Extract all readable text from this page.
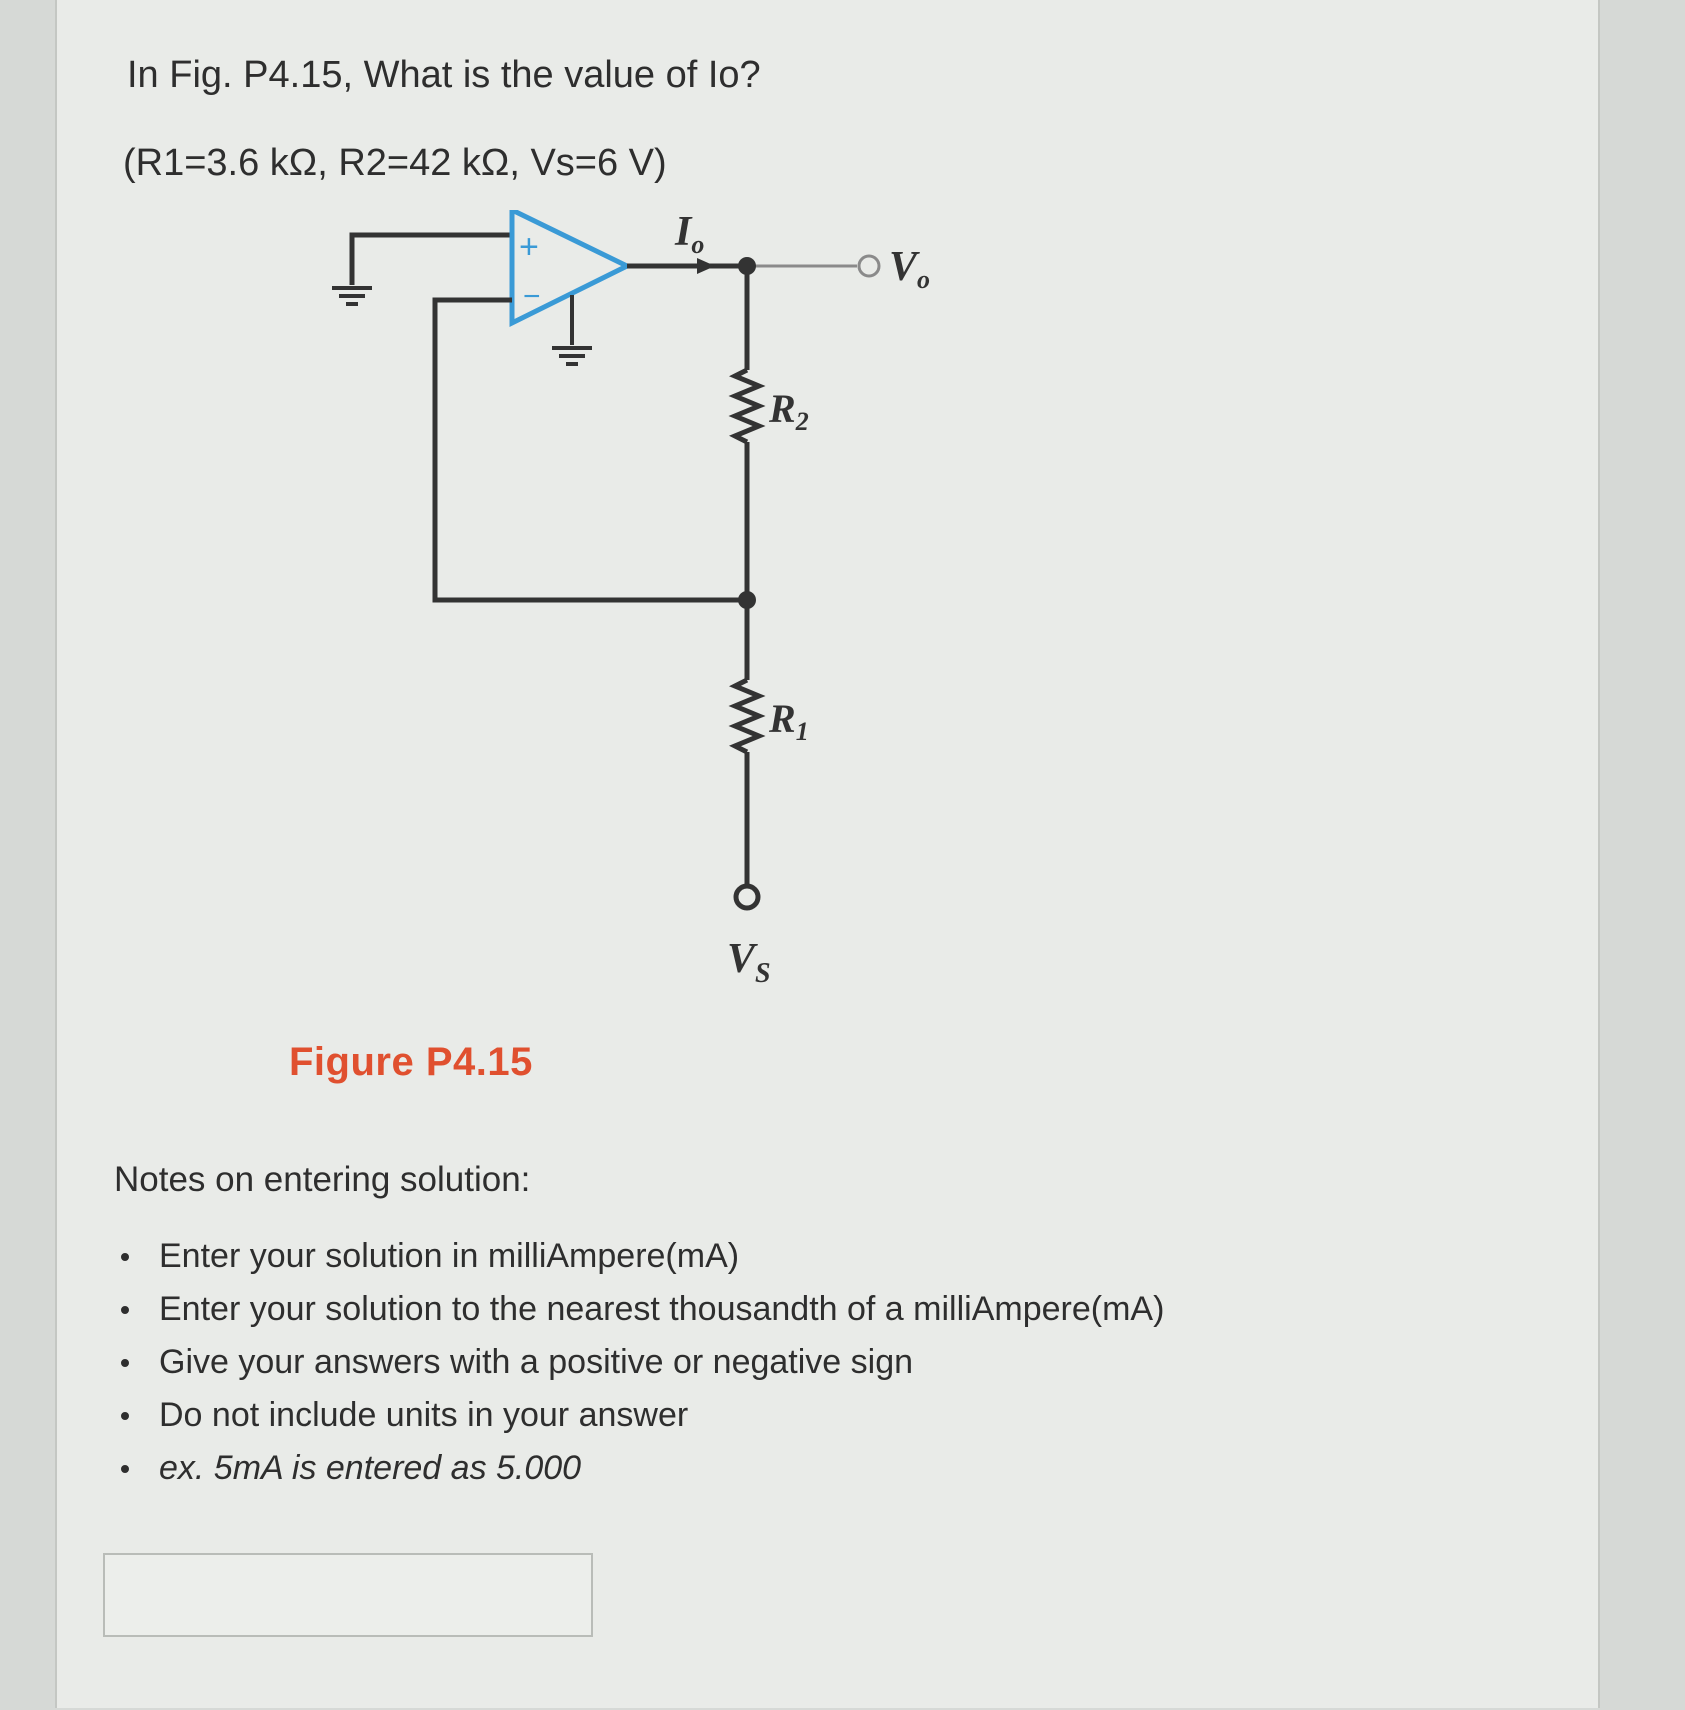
In Fig. P4.15, What is the value of Io?

(R1=3.6 kΩ, R2=42 kΩ, Vs=6 V)

+
−
Io	Vo
$R_2$
$R_1$
$V_S$

Figure P4.15

Notes on entering solution:

Enter your solution in milliAmpere(mA)
Enter your solution to the nearest thousandth of a milliAmpere(mA)
Give your answers with a positive or negative sign
Do not include units in your answer
ex. 5mA is entered as 5.000
